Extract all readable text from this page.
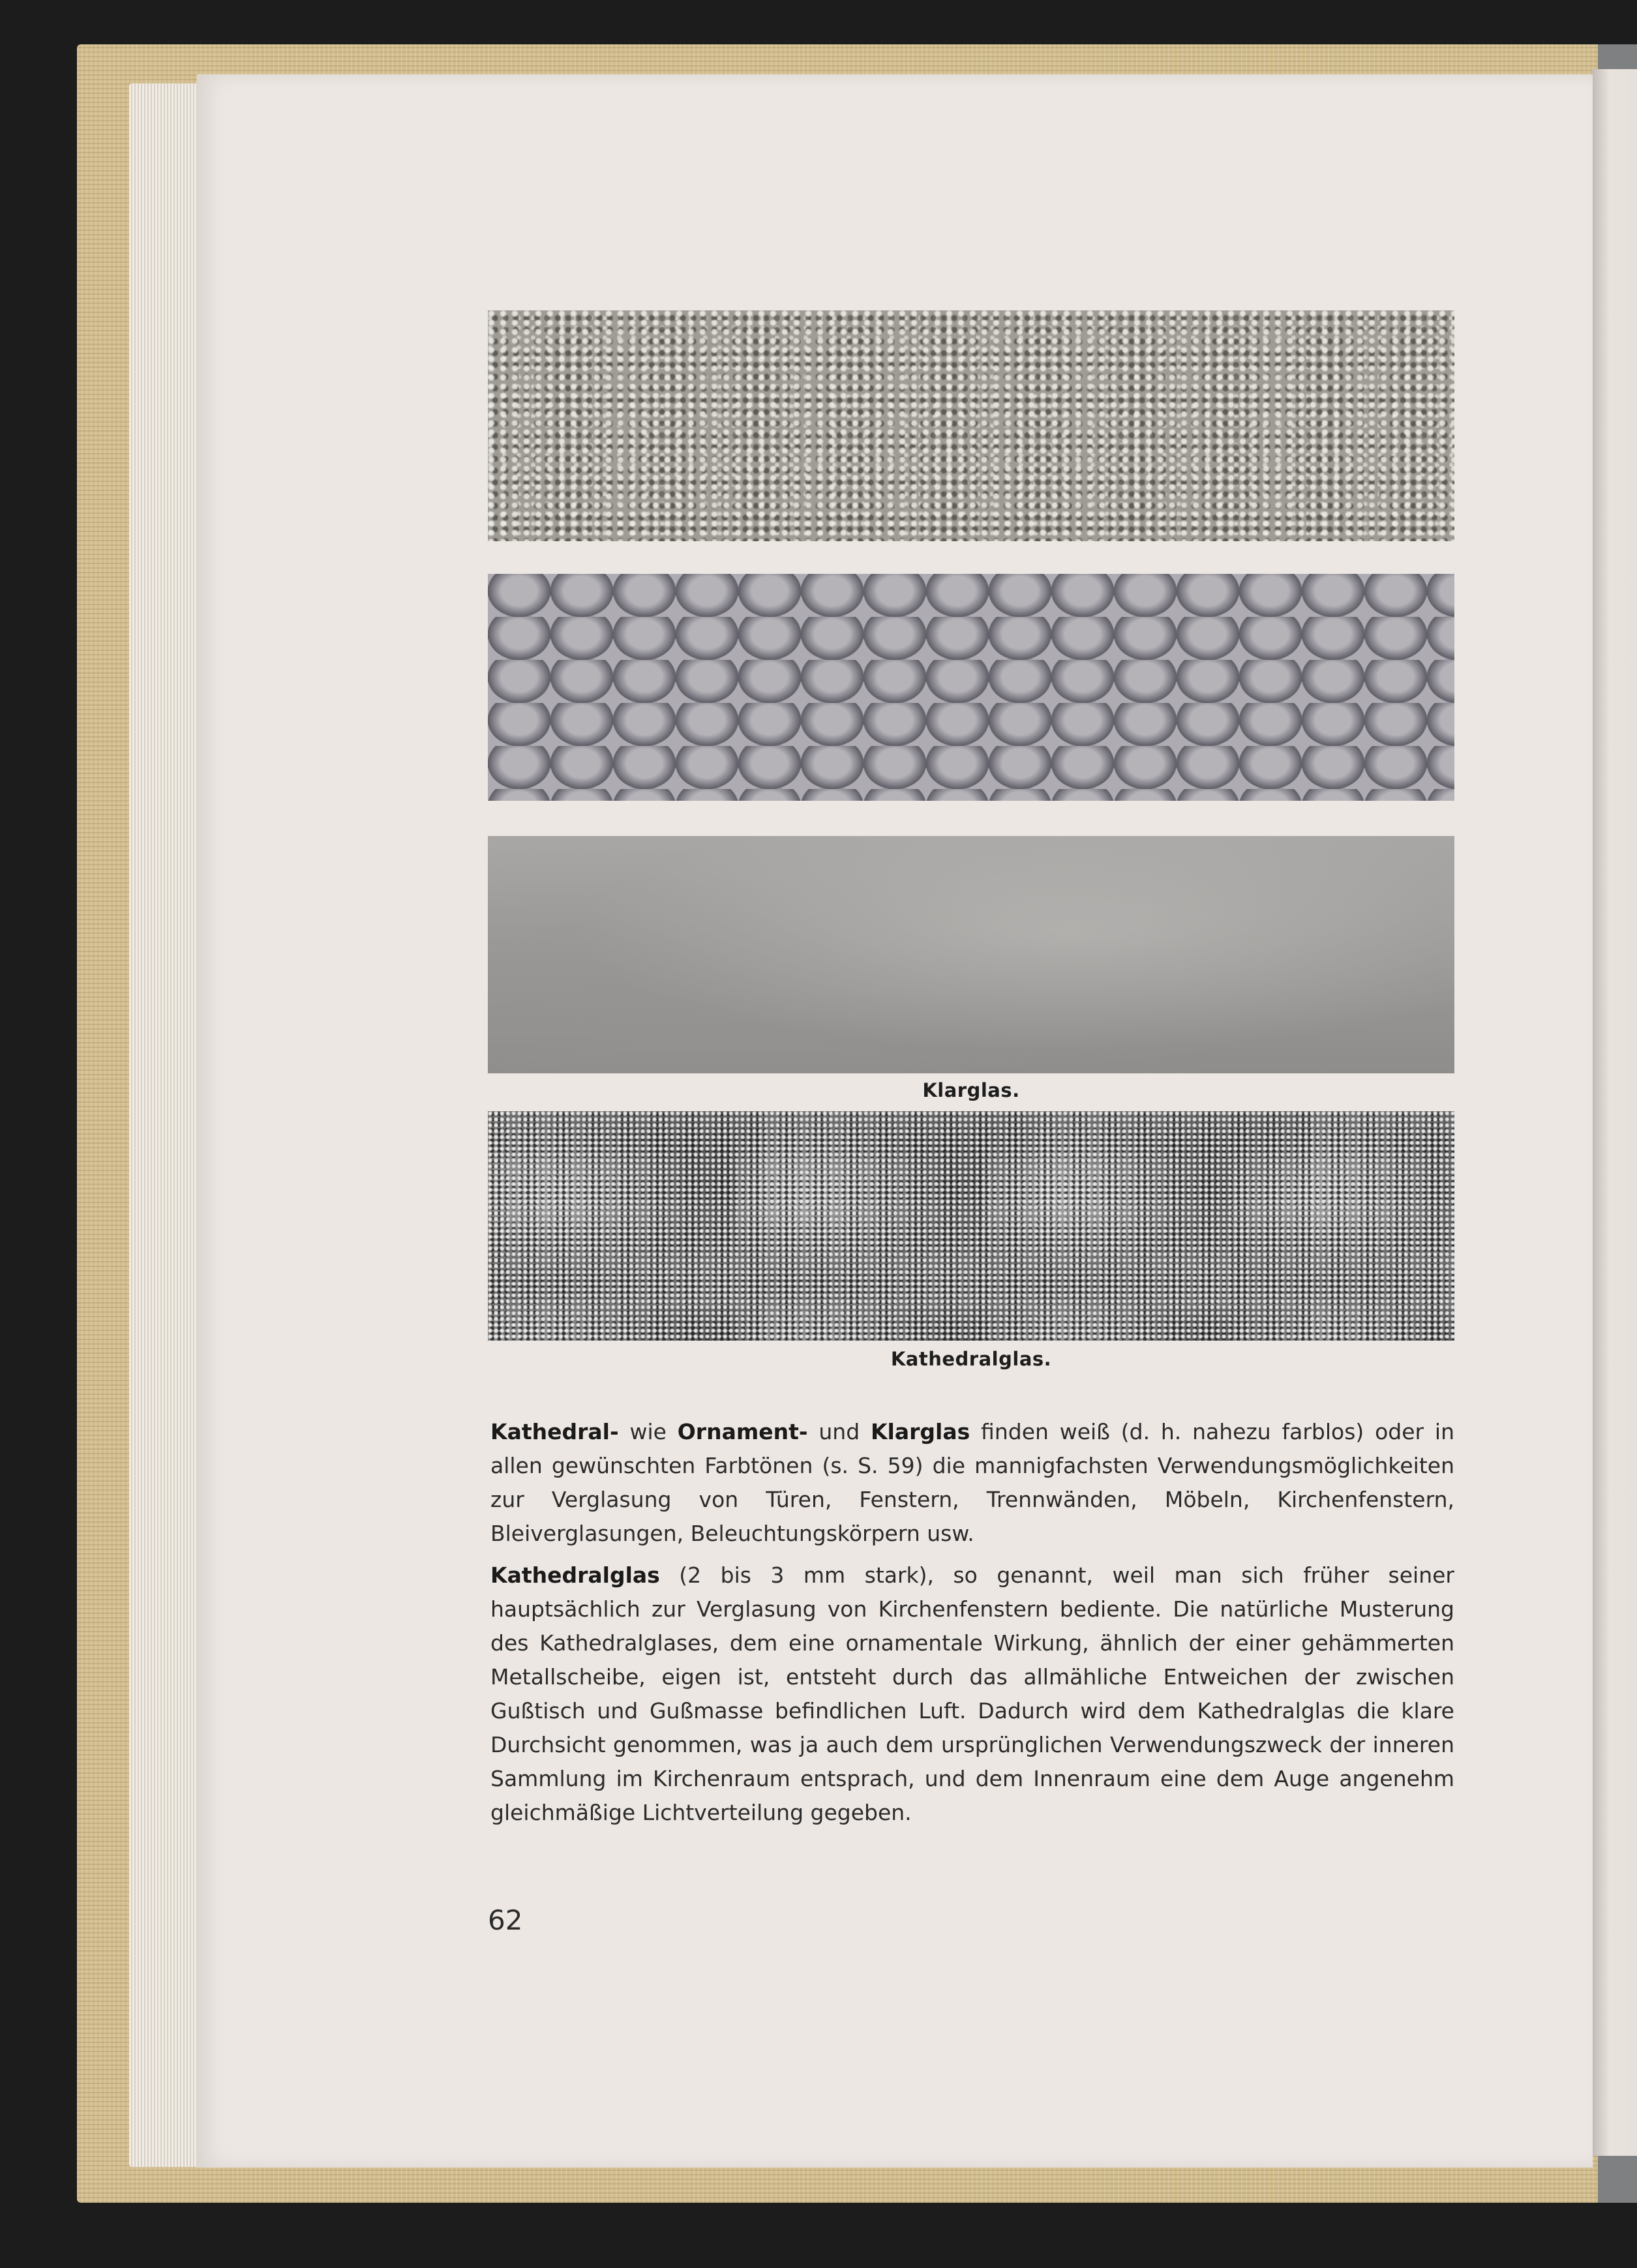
Klarglas.
Kathedralglas.
Kathedral- wie Ornament- und Klarglas finden weiß (d. h. nahezu farblos) oder in allen gewünschten Farbtönen (s. S. 59) die mannigfachsten Verwendungsmöglichkeiten zur Verglasung von Türen, Fenstern, Trennwänden, Möbeln, Kirchenfenstern, Bleiverglasungen, Beleuchtungskörpern usw.
Kathedralglas (2 bis 3 mm stark), so genannt, weil man sich früher seiner hauptsächlich zur Verglasung von Kirchenfenstern bediente. Die natürliche Musterung des Kathedralglases, dem eine ornamentale Wirkung, ähnlich der einer gehämmerten Metallscheibe, eigen ist, entsteht durch das allmähliche Entweichen der zwischen Gußtisch und Gußmasse befindlichen Luft. Dadurch wird dem Kathedralglas die klare Durchsicht genommen, was ja auch dem ursprünglichen Verwendungszweck der inneren Sammlung im Kirchenraum entsprach, und dem Innenraum eine dem Auge angenehm gleichmäßige Lichtverteilung gegeben.
62
